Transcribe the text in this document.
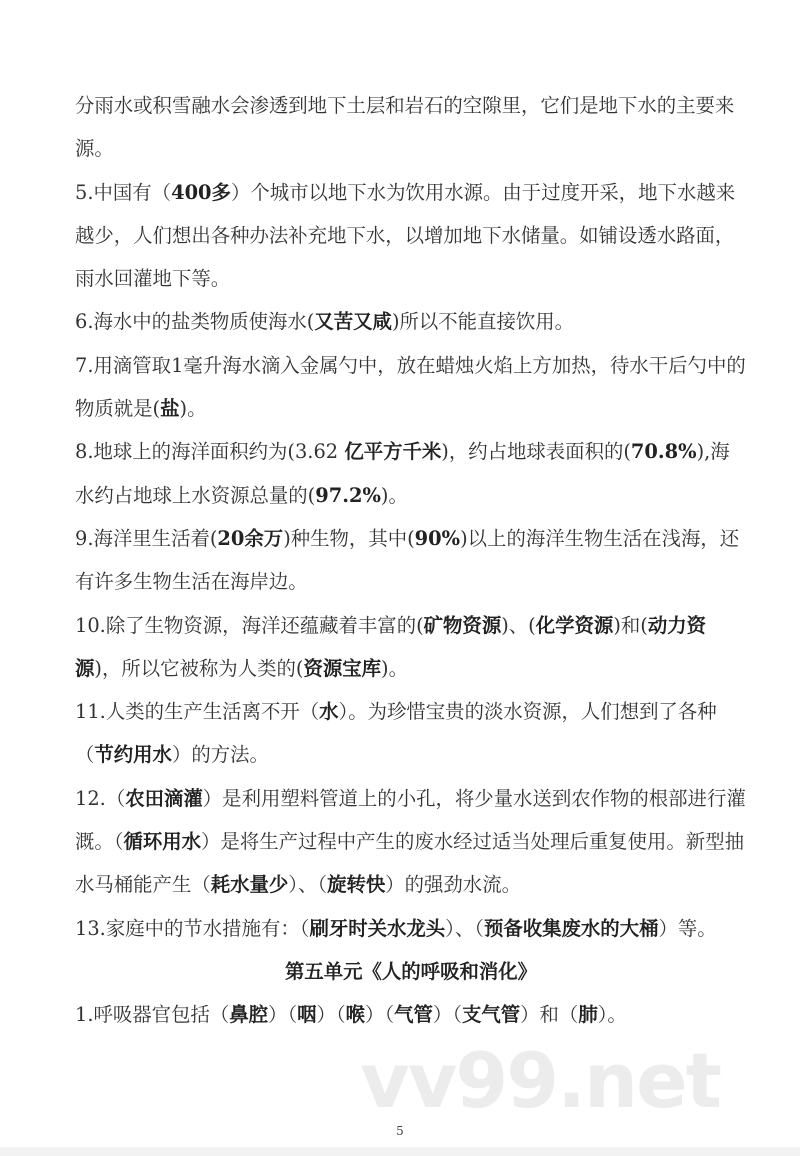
分雨水或积雪融水会渗透到地下土层和岩石的空隙里，它们是地下水的主要来源。

5.中国有（400多）个城市以地下水为饮用水源。由于过度开采，地下水越来越少，人们想出各种办法补充地下水，以增加地下水储量。如铺设透水路面，雨水回灌地下等。

6.海水中的盐类物质使海水(又苦又咸)所以不能直接饮用。

7.用滴管取1毫升海水滴入金属勺中，放在蜡烛火焰上方加热，待水干后勺中的物质就是(盐)。

8.地球上的海洋面积约为(3.62 亿平方千米)，约占地球表面积的(70.8%),海水约占地球上水资源总量的(97.2%)。

9.海洋里生活着(20余万)种生物，其中(90%)以上的海洋生物生活在浅海，还有许多生物生活在海岸边。

10.除了生物资源，海洋还蕴藏着丰富的(矿物资源)、(化学资源)和(动力资源)，所以它被称为人类的(资源宝库)。

11.人类的生产生活离不开（水）。为珍惜宝贵的淡水资源，人们想到了各种（节约用水）的方法。

12.（农田滴灌）是利用塑料管道上的小孔，将少量水送到农作物的根部进行灌溉。（循环用水）是将生产过程中产生的废水经过适当处理后重复使用。新型抽水马桶能产生（耗水量少）、（旋转快）的强劲水流。

13.家庭中的节水措施有：（刷牙时关水龙头）、（预备收集废水的大桶）等。

第五单元《人的呼吸和消化》

1.呼吸器官包括（鼻腔）（咽）（喉）（气管）（支气管）和（肺）。

vv99.net
5
